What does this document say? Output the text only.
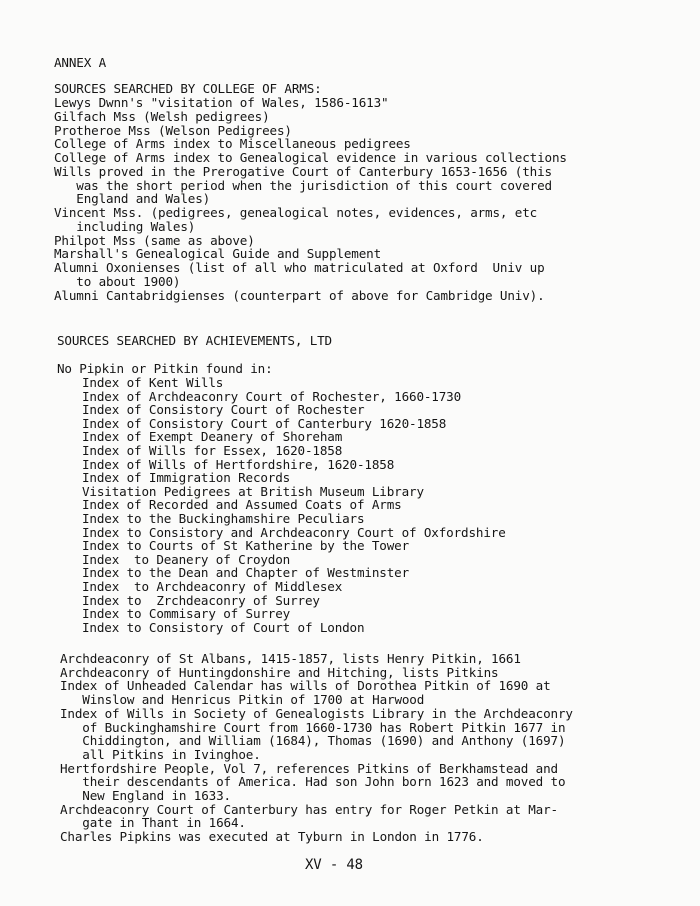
ANNEX A
SOURCES SEARCHED BY COLLEGE OF ARMS:
Lewys Dwnn's "visitation of Wales, 1586-1613"
Gilfach Mss (Welsh pedigrees)
Protheroe Mss (Welson Pedigrees)
College of Arms index to Miscellaneous pedigrees
College of Arms index to Genealogical evidence in various collections
Wills proved in the Prerogative Court of Canterbury 1653-1656 (this
was the short period when the jurisdiction of this court covered
England and Wales)
Vincent Mss. (pedigrees, genealogical notes, evidences, arms, etc
including Wales)
Philpot Mss (same as above)
Marshall's Genealogical Guide and Supplement
Alumni Oxonienses (list of all who matriculated at Oxford  Univ up
to about 1900)
Alumni Cantabridgienses (counterpart of above for Cambridge Univ).
SOURCES SEARCHED BY ACHIEVEMENTS, LTD
No Pipkin or Pitkin found in:
Index of Kent Wills
Index of Archdeaconry Court of Rochester, 1660-1730
Index of Consistory Court of Rochester
Index of Consistory Court of Canterbury 1620-1858
Index of Exempt Deanery of Shoreham
Index of Wills for Essex, 1620-1858
Index of Wills of Hertfordshire, 1620-1858
Index of Immigration Records
Visitation Pedigrees at British Museum Library
Index of Recorded and Assumed Coats of Arms
Index to the Buckinghamshire Peculiars
Index to Consistory and Archdeaconry Court of Oxfordshire
Index to Courts of St Katherine by the Tower
Index  to Deanery of Croydon
Index to the Dean and Chapter of Westminster
Index  to Archdeaconry of Middlesex
Index to  Zrchdeaconry of Surrey
Index to Commisary of Surrey
Index to Consistory of Court of London
Archdeaconry of St Albans, 1415-1857, lists Henry Pitkin, 1661
Archdeaconry of Huntingdonshire and Hitching, lists Pitkins
Index of Unheaded Calendar has wills of Dorothea Pitkin of 1690 at
Winslow and Henricus Pitkin of 1700 at Harwood
Index of Wills in Society of Genealogists Library in the Archdeaconry
of Buckinghamshire Court from 1660-1730 has Robert Pitkin 1677 in
Chiddington, and William (1684), Thomas (1690) and Anthony (1697)
all Pitkins in Ivinghoe.
Hertfordshire People, Vol 7, references Pitkins of Berkhamstead and
their descendants of America. Had son John born 1623 and moved to
New England in 1633.
Archdeaconry Court of Canterbury has entry for Roger Petkin at Mar-
gate in Thant in 1664.
Charles Pipkins was executed at Tyburn in London in 1776.
XV - 48
